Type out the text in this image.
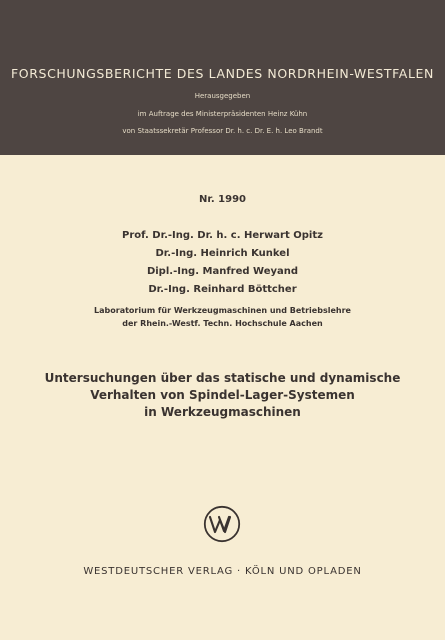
FORSCHUNGSBERICHTE DES LANDES NORDRHEIN-WESTFALEN
Herausgegeben
im Auftrage des Ministerpräsidenten Heinz Kühn
von Staatssekretär Professor Dr. h. c. Dr. E. h. Leo Brandt
Nr. 1990
Prof. Dr.-Ing. Dr. h. c. Herwart Opitz
Dr.-Ing. Heinrich Kunkel
Dipl.-Ing. Manfred Weyand
Dr.-Ing. Reinhard Böttcher
Laboratorium für Werkzeugmaschinen und Betriebslehre
der Rhein.-Westf. Techn. Hochschule Aachen
Untersuchungen über das statische und dynamische
Verhalten von Spindel-Lager-Systemen
in Werkzeugmaschinen
WESTDEUTSCHER VERLAG · KÖLN UND OPLADEN
